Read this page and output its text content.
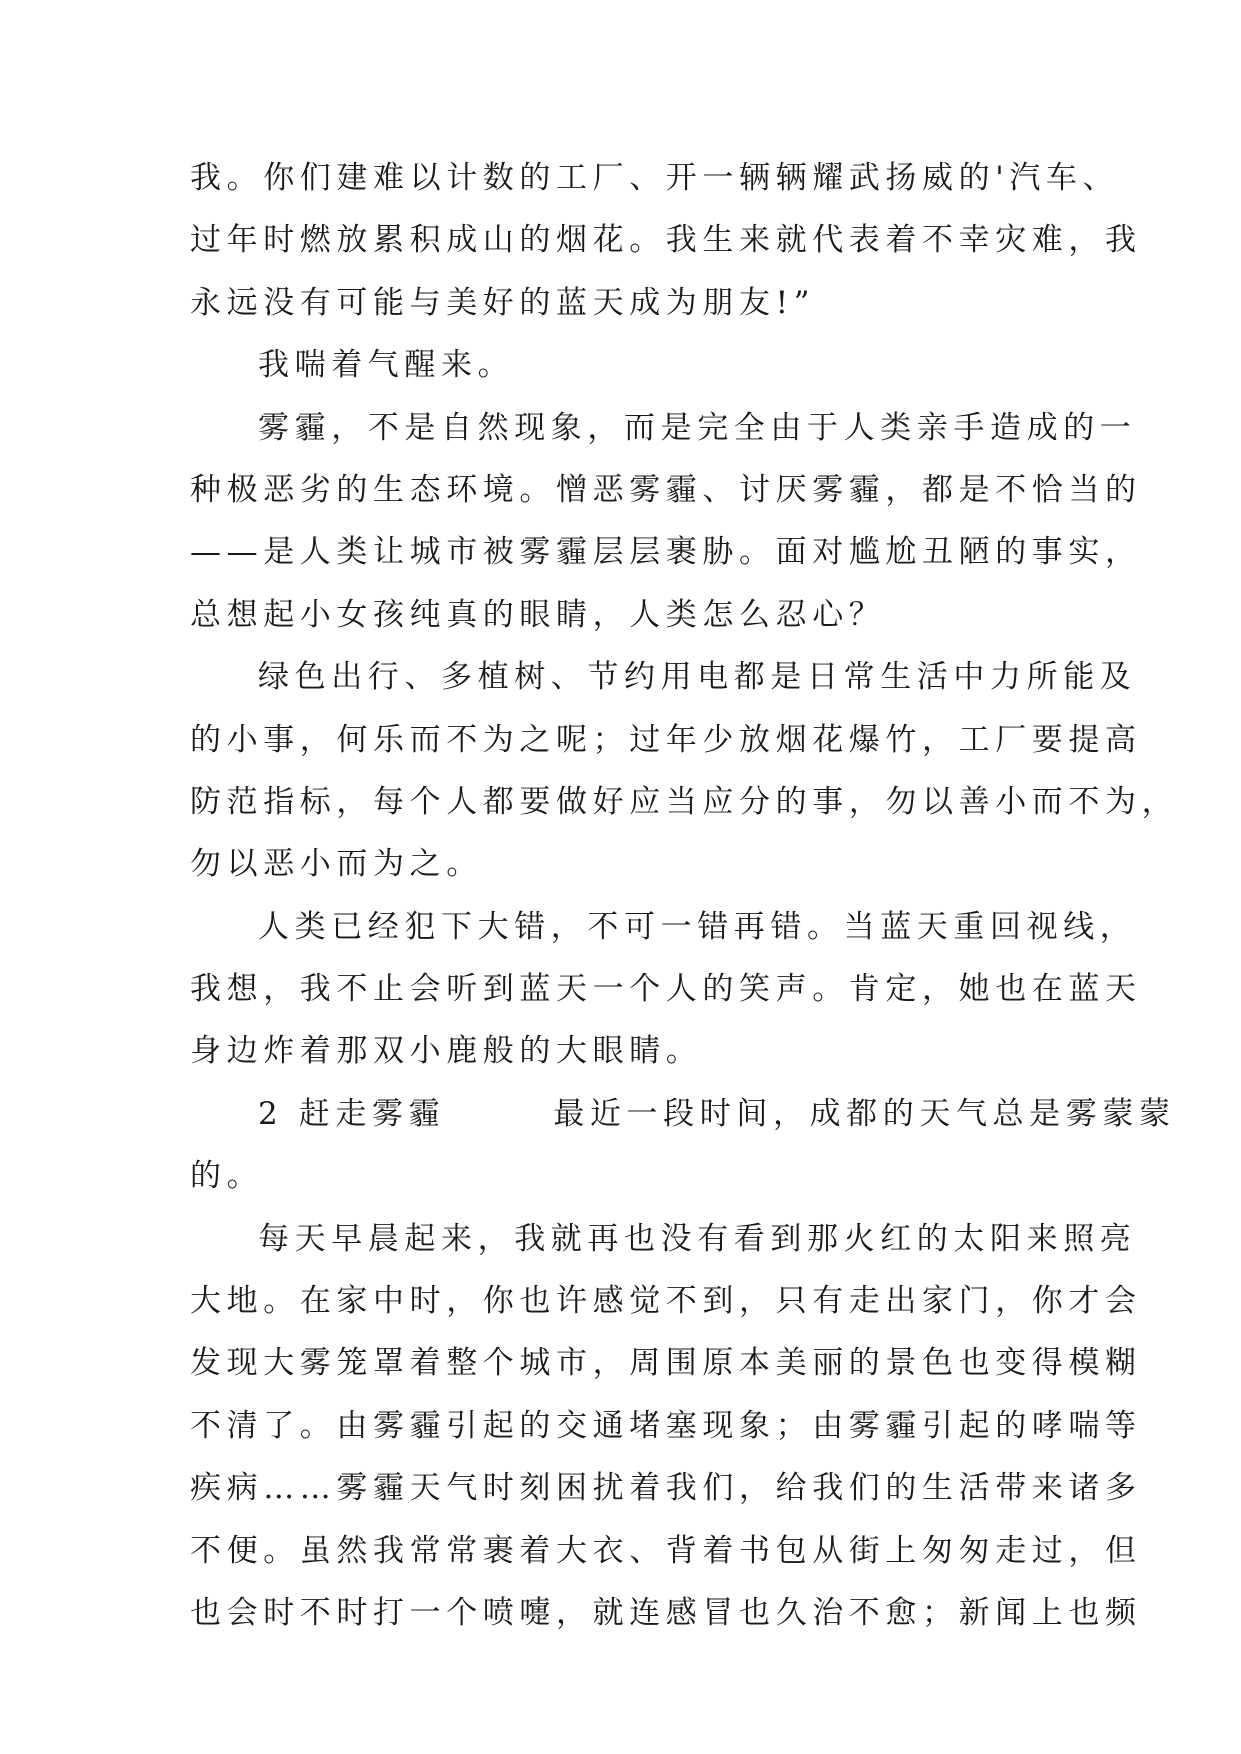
我。你们建难以计数的工厂、开一辆辆耀武扬威的'汽车、
过年时燃放累积成山的烟花。我生来就代表着不幸灾难，我
永远没有可能与美好的蓝天成为朋友!”
我喘着气醒来。
雾霾，不是自然现象，而是完全由于人类亲手造成的一
种极恶劣的生态环境。憎恶雾霾、讨厌雾霾，都是不恰当的
——是人类让城市被雾霾层层裹胁。面对尴尬丑陋的事实，
总想起小女孩纯真的眼睛，人类怎么忍心？
绿色出行、多植树、节约用电都是日常生活中力所能及
的小事，何乐而不为之呢；过年少放烟花爆竹，工厂要提高
防范指标，每个人都要做好应当应分的事，勿以善小而不为，
勿以恶小而为之。
人类已经犯下大错，不可一错再错。当蓝天重回视线，
我想，我不止会听到蓝天一个人的笑声。肯定，她也在蓝天
身边炸着那双小鹿般的大眼睛。
2 赶走雾霾       最近一段时间，成都的天气总是雾蒙蒙
的。
每天早晨起来，我就再也没有看到那火红的太阳来照亮
大地。在家中时，你也许感觉不到，只有走出家门，你才会
发现大雾笼罩着整个城市，周围原本美丽的景色也变得模糊
不清了。由雾霾引起的交通堵塞现象；由雾霾引起的哮喘等
疾病……雾霾天气时刻困扰着我们，给我们的生活带来诸多
不便。虽然我常常裹着大衣、背着书包从街上匆匆走过，但
也会时不时打一个喷嚏，就连感冒也久治不愈；新闻上也频
